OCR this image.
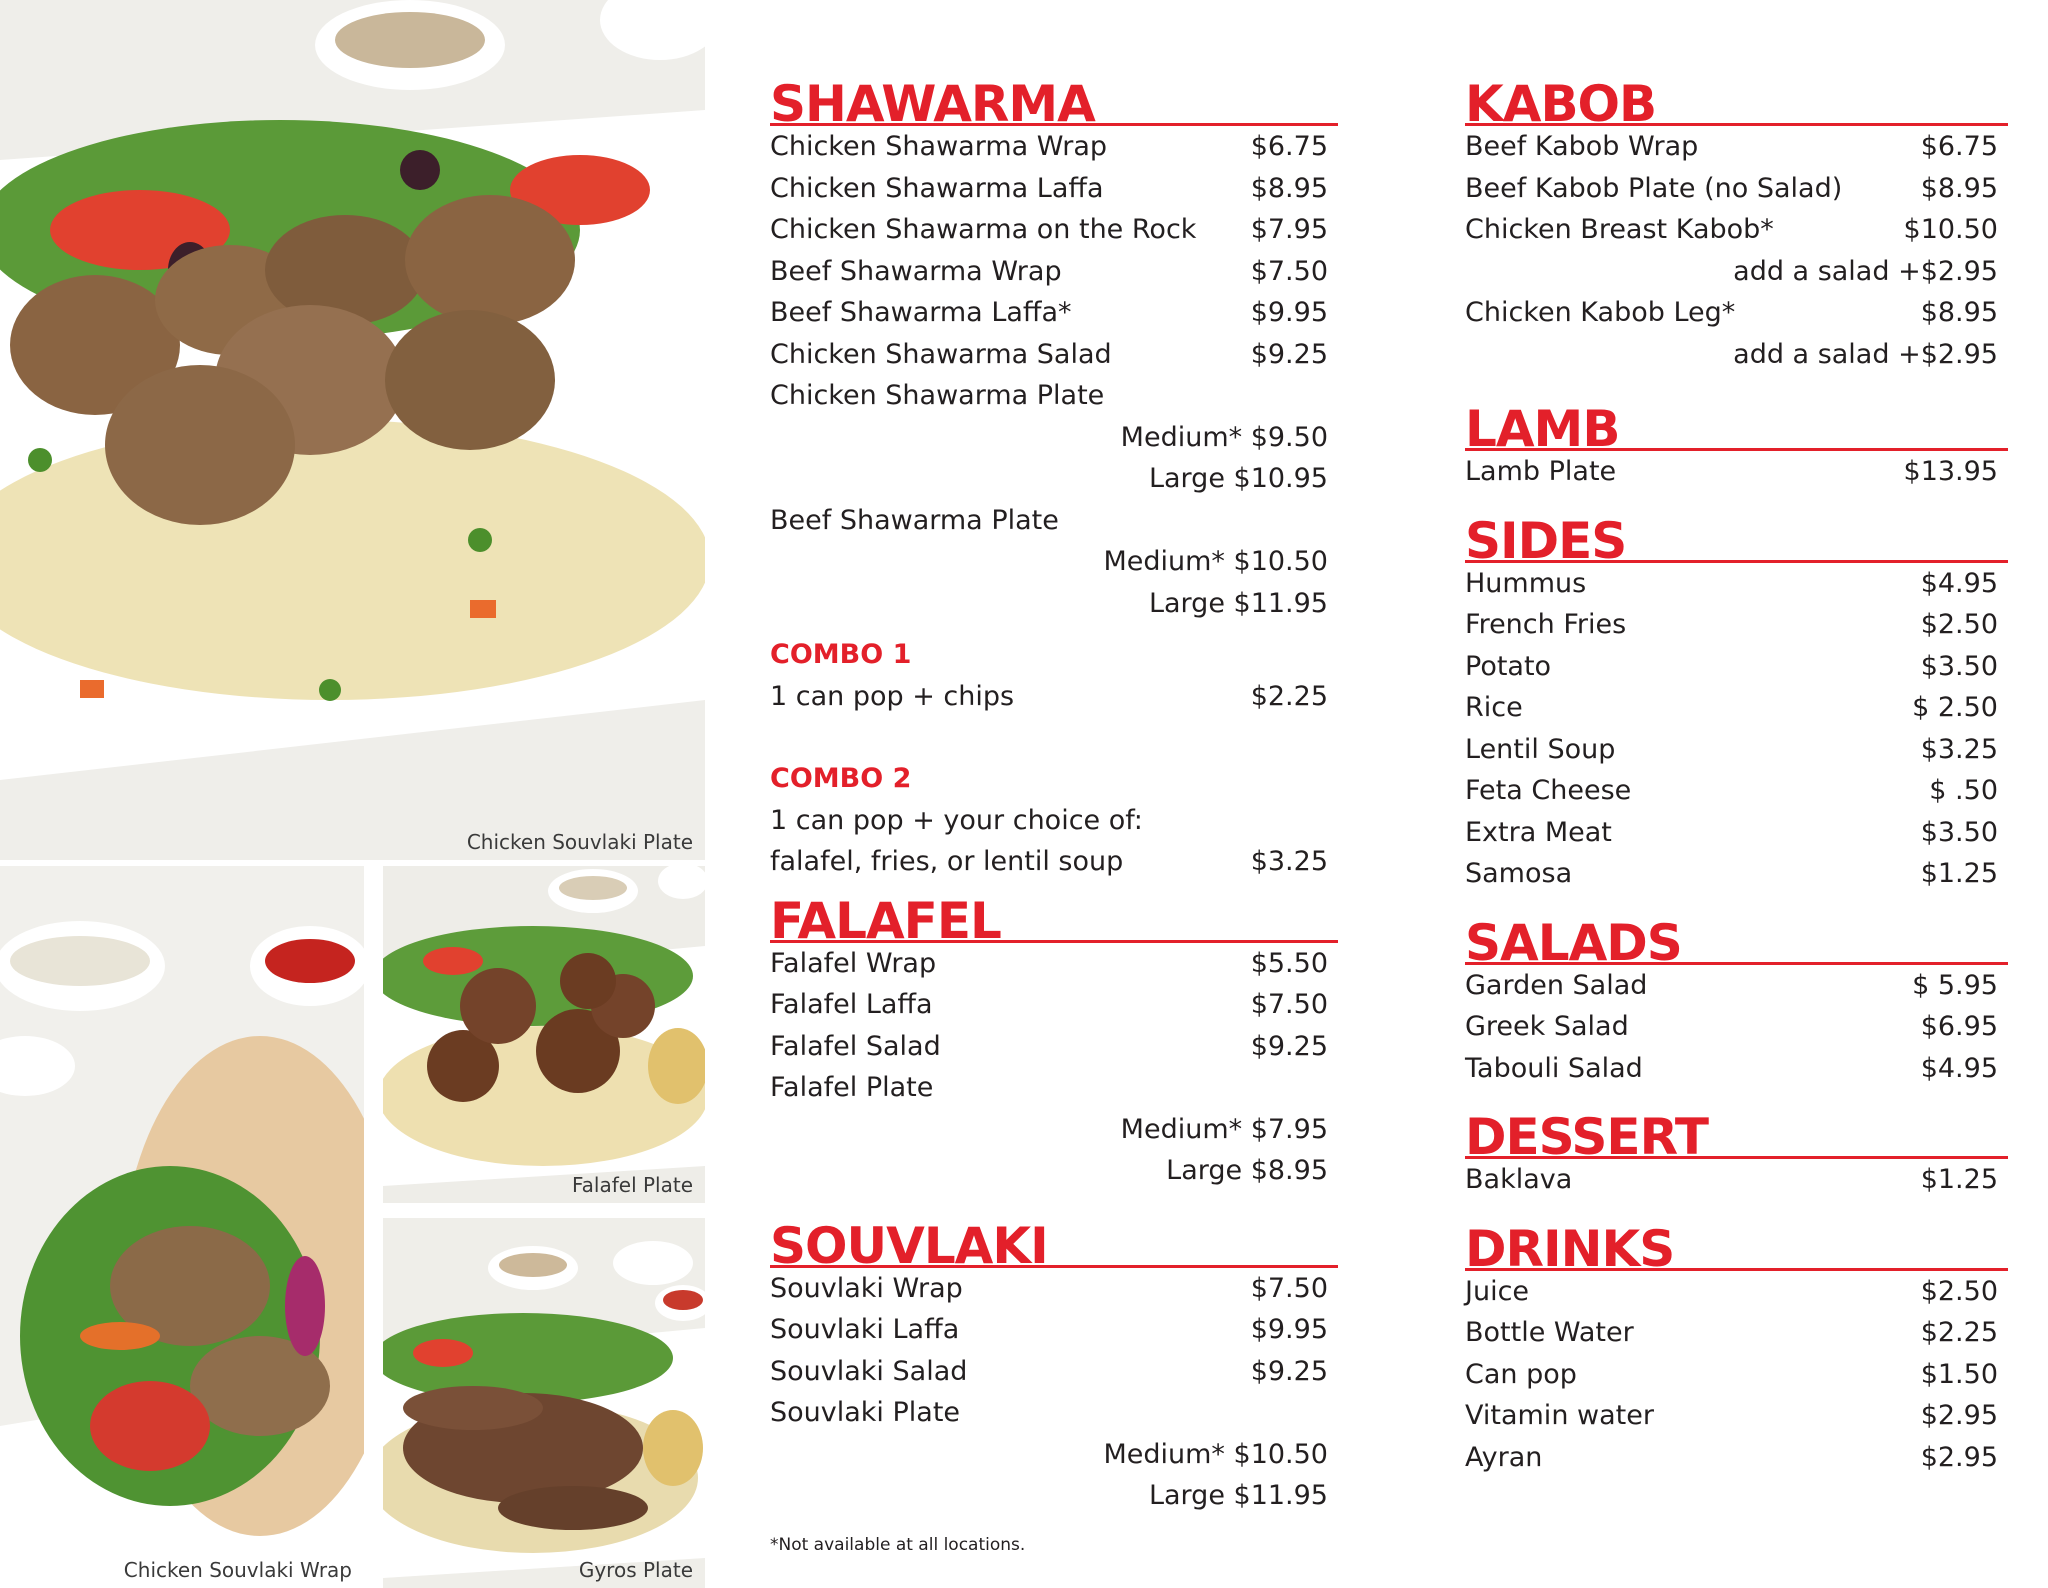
Chicken Souvlaki Plate
Chicken Souvlaki Wrap
Falafel Plate
Gyros Plate
SHAWARMA
Chicken Shawarma Wrap	$6.75
Chicken Shawarma Laffa	$8.95
Chicken Shawarma on the Rock $7.95
Beef Shawarma Wrap	$7.50
Beef Shawarma Laffa*	$9.95
Chicken Shawarma Salad	$9.25
Chicken Shawarma Plate
Medium* $9.50
Large $10.95
Beef Shawarma Plate
Medium* $10.50
Large $11.95
COMBO 1
1 can pop + chips	$2.25
COMBO 2
1 can pop + your choice of:
falafel, fries, or lentil soup	$3.25
FALAFEL
Falafel Wrap	$5.50
Falafel Laffa	$7.50
Falafel Salad	$9.25
Falafel Plate
Medium* $7.95
Large $8.95
SOUVLAKI
Souvlaki Wrap	$7.50
Souvlaki Laffa	$9.95
Souvlaki Salad	$9.25
Souvlaki Plate
Medium* $10.50
Large $11.95
*Not available at all locations.
KABOB
Beef Kabob Wrap	$6.75
Beef Kabob Plate (no Salad)	$8.95
Chicken Breast Kabob*	$10.50
add a salad +$2.95
Chicken Kabob Leg*	$8.95
add a salad +$2.95
LAMB
Lamb Plate	$13.95
SIDES
Hummus	$4.95
French Fries	$2.50
Potato	$3.50
Rice	$ 2.50
Lentil Soup	$3.25
Feta Cheese	$ .50
Extra Meat	$3.50
Samosa	$1.25
SALADS
Garden Salad	$ 5.95
Greek Salad	$6.95
Tabouli Salad	$4.95
DESSERT
Baklava	$1.25
DRINKS
Juice	$2.50
Bottle Water	$2.25
Can pop	$1.50
Vitamin water	$2.95
Ayran	$2.95
